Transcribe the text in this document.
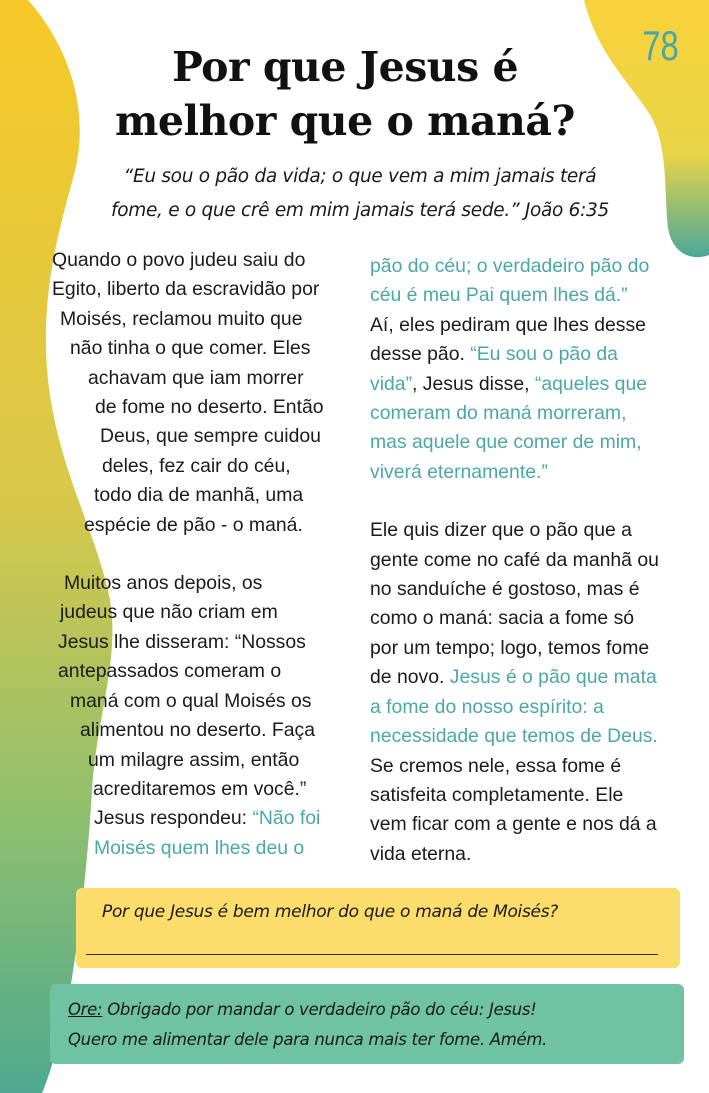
78
Por que Jesus é
melhor que o maná?
“Eu sou o pão da vida; o que vem a mim jamais terá
fome, e o que crê em mim jamais terá sede.” João 6:35
Quando o povo judeu saiu do
Egito, liberto da escravidão por
Moisés, reclamou muito que
não tinha o que comer. Eles
achavam que iam morrer
de fome no deserto. Então
Deus, que sempre cuidou
deles, fez cair do céu,
todo dia de manhã, uma
espécie de pão - o maná.
Muitos anos depois, os
judeus que não criam em
Jesus lhe disseram: “Nossos
antepassados comeram o
maná com o qual Moisés os
alimentou no deserto. Faça
um milagre assim, então
acreditaremos em você.”
Jesus respondeu: “Não foi
Moisés quem lhes deu o
pão do céu; o verdadeiro pão do
céu é meu Pai quem lhes dá.”
Aí, eles pediram que lhes desse
desse pão. “Eu sou o pão da
vida”, Jesus disse, “aqueles que
comeram do maná morreram,
mas aquele que comer de mim,
viverá eternamente.”
Ele quis dizer que o pão que a
gente come no café da manhã ou
no sanduíche é gostoso, mas é
como o maná: sacia a fome só
por um tempo; logo, temos fome
de novo. Jesus é o pão que mata
a fome do nosso espírito: a
necessidade que temos de Deus.
Se cremos nele, essa fome é
satisfeita completamente. Ele
vem ficar com a gente e nos dá a
vida eterna.
Por que Jesus é bem melhor do que o maná de Moisés?
Ore: Obrigado por mandar o verdadeiro pão do céu: Jesus!
Quero me alimentar dele para nunca mais ter fome. Amém.
